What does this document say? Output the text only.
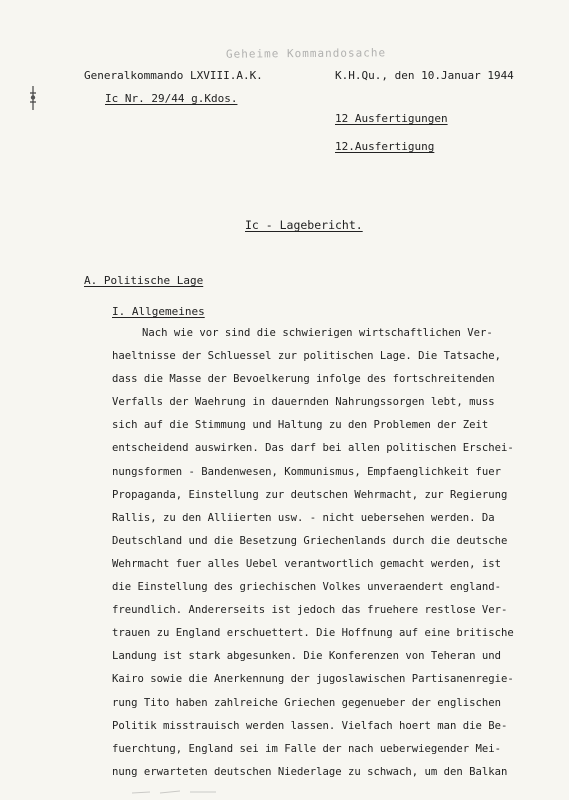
Geheime Kommandosache
Generalkommando LXVIII.A.K.
Ic Nr. 29/44 g.Kdos.
K.H.Qu., den 10.Januar 1944
12 Ausfertigungen
12.Ausfertigung
Ic - Lagebericht.
A. Politische Lage
I. Allgemeines
Nach wie vor sind die schwierigen wirtschaftlichen Ver-
haeltnisse der Schluessel zur politischen Lage. Die Tatsache,
dass die Masse der Bevoelkerung infolge des fortschreitenden
Verfalls der Waehrung in dauernden Nahrungssorgen lebt, muss
sich auf die Stimmung und Haltung zu den Problemen der Zeit
entscheidend auswirken. Das darf bei allen politischen Erschei-
nungsformen - Bandenwesen, Kommunismus, Empfaenglichkeit fuer
Propaganda, Einstellung zur deutschen Wehrmacht, zur Regierung
Rallis, zu den Alliierten usw. - nicht uebersehen werden. Da
Deutschland und die Besetzung Griechenlands durch die deutsche
Wehrmacht fuer alles Uebel verantwortlich gemacht werden, ist
die Einstellung des griechischen Volkes unveraendert england-
freundlich. Andererseits ist jedoch das fruehere restlose Ver-
trauen zu England erschuettert. Die Hoffnung auf eine britische
Landung ist stark abgesunken. Die Konferenzen von Teheran und
Kairo sowie die Anerkennung der jugoslawischen Partisanenregie-
rung Tito haben zahlreiche Griechen gegenueber der englischen
Politik misstrauisch werden lassen. Vielfach hoert man die Be-
fuerchtung, England sei im Falle der nach ueberwiegender Mei-
nung erwarteten deutschen Niederlage zu schwach, um den Balkan
